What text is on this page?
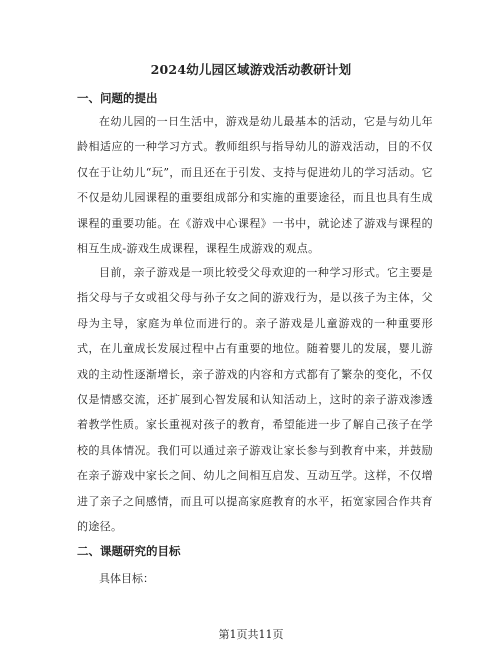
2024幼儿园区域游戏活动教研计划
一、问题的提出

在幼儿园的一日生活中，游戏是幼儿最基本的活动，它是与幼儿年龄相适应的一种学习方式。教师组织与指导幼儿的游戏活动，目的不仅仅在于让幼儿“玩”，而且还在于引发、支持与促进幼儿的学习活动。它不仅是幼儿园课程的重要组成部分和实施的重要途径，而且也具有生成课程的重要功能。在《游戏中心课程》一书中，就论述了游戏与课程的相互生成-游戏生成课程，课程生成游戏的观点。

目前，亲子游戏是一项比较受父母欢迎的一种学习形式。它主要是指父母与子女或祖父母与孙子女之间的游戏行为，是以孩子为主体，父母为主导，家庭为单位而进行的。亲子游戏是儿童游戏的一种重要形式，在儿童成长发展过程中占有重要的地位。随着婴儿的发展，婴儿游戏的主动性逐渐增长，亲子游戏的内容和方式都有了繁杂的变化，不仅仅是情感交流，还扩展到心智发展和认知活动上，这时的亲子游戏渗透着教学性质。家长重视对孩子的教育，希望能进一步了解自己孩子在学校的具体情况。我们可以通过亲子游戏让家长参与到教育中来，并鼓励在亲子游戏中家长之间、幼儿之间相互启发、互动互学。这样，不仅增进了亲子之间感情，而且可以提高家庭教育的水平，拓宽家园合作共育的途径。

二、课题研究的目标
具体目标：
第1页共11页
